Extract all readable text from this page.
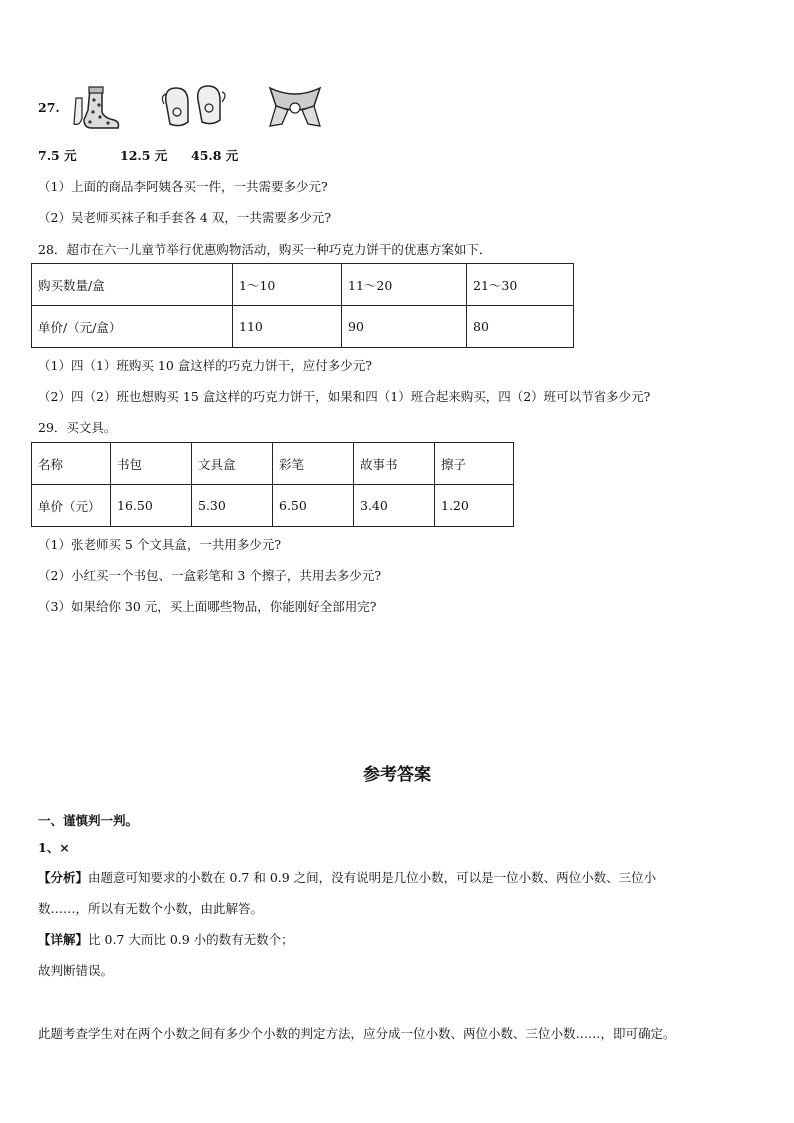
27.
7.5 元	12.5 元 45.8 元
（1）上面的商品李阿姨各买一件，一共需要多少元?
（2）吴老师买袜子和手套各 4 双，一共需要多少元?
28．超市在六一儿童节举行优惠购物活动，购买一种巧克力饼干的优惠方案如下．
购买数量/盒	1～10	11～20	21～30
单价/（元/盒）	110	90	80
（1）四（1）班购买 10 盒这样的巧克力饼干，应付多少元?
（2）四（2）班也想购买 15 盒这样的巧克力饼干，如果和四（1）班合起来购买，四（2）班可以节省多少元?
29．买文具。
名称	书包	文具盒	彩笔	故事书	擦子
单价（元）	16.50	5.30	6.50	3.40	1.20
（1）张老师买 5 个文具盒，一共用多少元?
（2）小红买一个书包、一盒彩笔和 3 个擦子，共用去多少元?
（3）如果给你 30 元，买上面哪些物品，你能刚好全部用完?
参考答案
一、谨慎判一判。
1、×
【分析】由题意可知要求的小数在 0.7 和 0.9 之间，没有说明是几位小数，可以是一位小数、两位小数、三位小
数……，所以有无数个小数，由此解答。
【详解】比 0.7 大而比 0.9 小的数有无数个；
故判断错误。
此题考查学生对在两个小数之间有多少个小数的判定方法，应分成一位小数、两位小数、三位小数……，即可确定。
